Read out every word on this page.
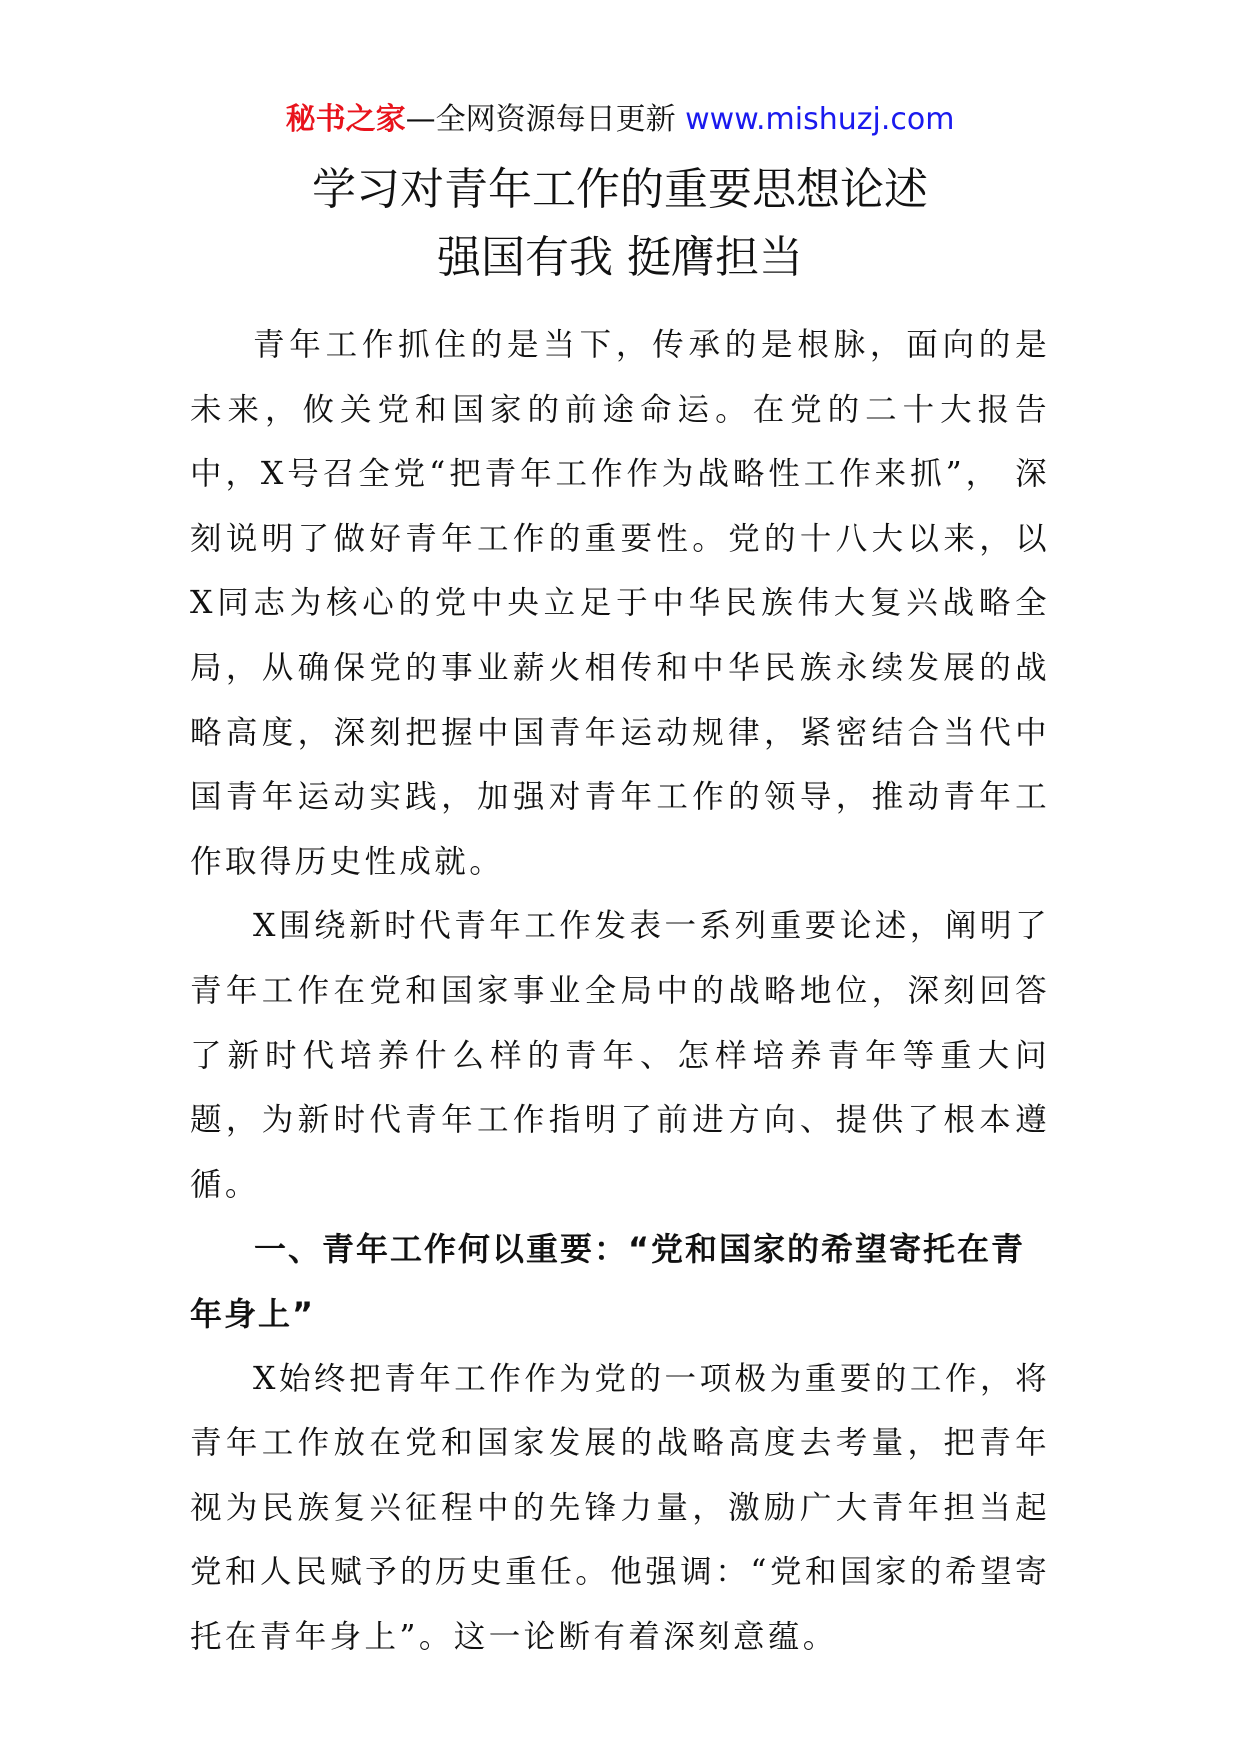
秘书之家—全网资源每日更新 www.mishuzj.com
学习对青年工作的重要思想论述
强国有我 挺膺担当

青年工作抓住的是当下，传承的是根脉，面向的是未来，攸关党和国家的前途命运。在党的二十大报告中，X号召全党“把青年工作作为战略性工作来抓”， 深刻说明了做好青年工作的重要性。党的十八大以来，以X同志为核心的党中央立足于中华民族伟大复兴战略全局，从确保党的事业薪火相传和中华民族永续发展的战略高度，深刻把握中国青年运动规律，紧密结合当代中国青年运动实践，加强对青年工作的领导，推动青年工作取得历史性成就。

X围绕新时代青年工作发表一系列重要论述，阐明了青年工作在党和国家事业全局中的战略地位，深刻回答了新时代培养什么样的青年、怎样培养青年等重大问题，为新时代青年工作指明了前进方向、提供了根本遵循。

一、青年工作何以重要：“党和国家的希望寄托在青年身上”

X始终把青年工作作为党的一项极为重要的工作，将青年工作放在党和国家发展的战略高度去考量，把青年视为民族复兴征程中的先锋力量，激励广大青年担当起党和人民赋予的历史重任。他强调：“党和国家的希望寄托在青年身上”。这一论断有着深刻意蕴。
